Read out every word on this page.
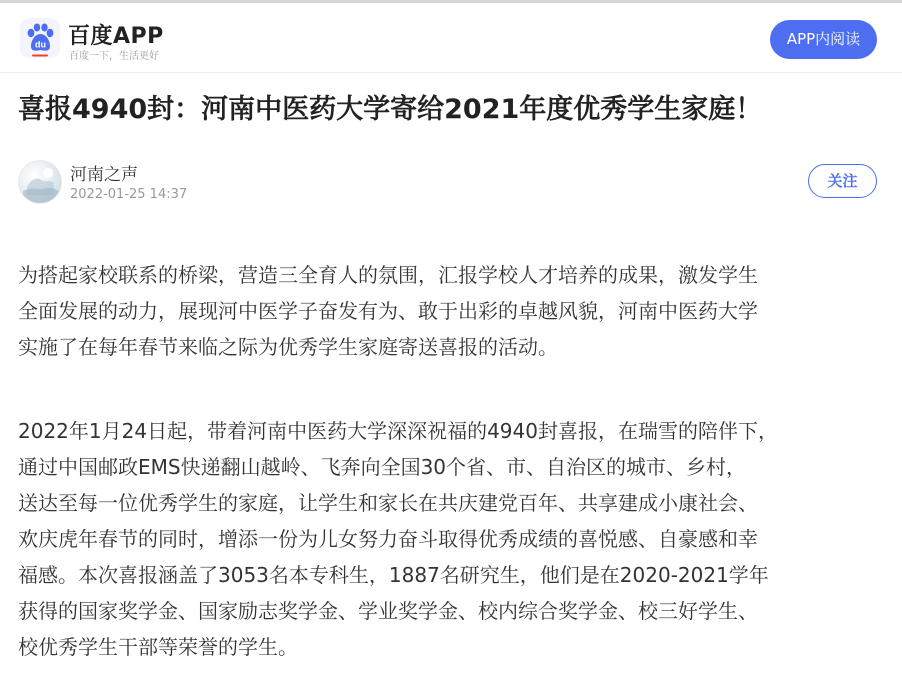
du 百度APP
百度一下，生活更好
APP内阅读
喜报4940封：河南中医药大学寄给2021年度优秀学生家庭！
河南之声
2022-01-25 14:37
关注
为搭起家校联系的桥梁，营造三全育人的氛围，汇报学校人才培养的成果，激发学生
全面发展的动力，展现河中医学子奋发有为、敢于出彩的卓越风貌，河南中医药大学
实施了在每年春节来临之际为优秀学生家庭寄送喜报的活动。
2022年1月24日起，带着河南中医药大学深深祝福的4940封喜报，在瑞雪的陪伴下，
通过中国邮政EMS快递翻山越岭、飞奔向全国30个省、市、自治区的城市、乡村，
送达至每一位优秀学生的家庭，让学生和家长在共庆建党百年、共享建成小康社会、
欢庆虎年春节的同时，增添一份为儿女努力奋斗取得优秀成绩的喜悦感、自豪感和幸
福感。本次喜报涵盖了3053名本专科生，1887名研究生，他们是在2020-2021学年
获得的国家奖学金、国家励志奖学金、学业奖学金、校内综合奖学金、校三好学生、
校优秀学生干部等荣誉的学生。
